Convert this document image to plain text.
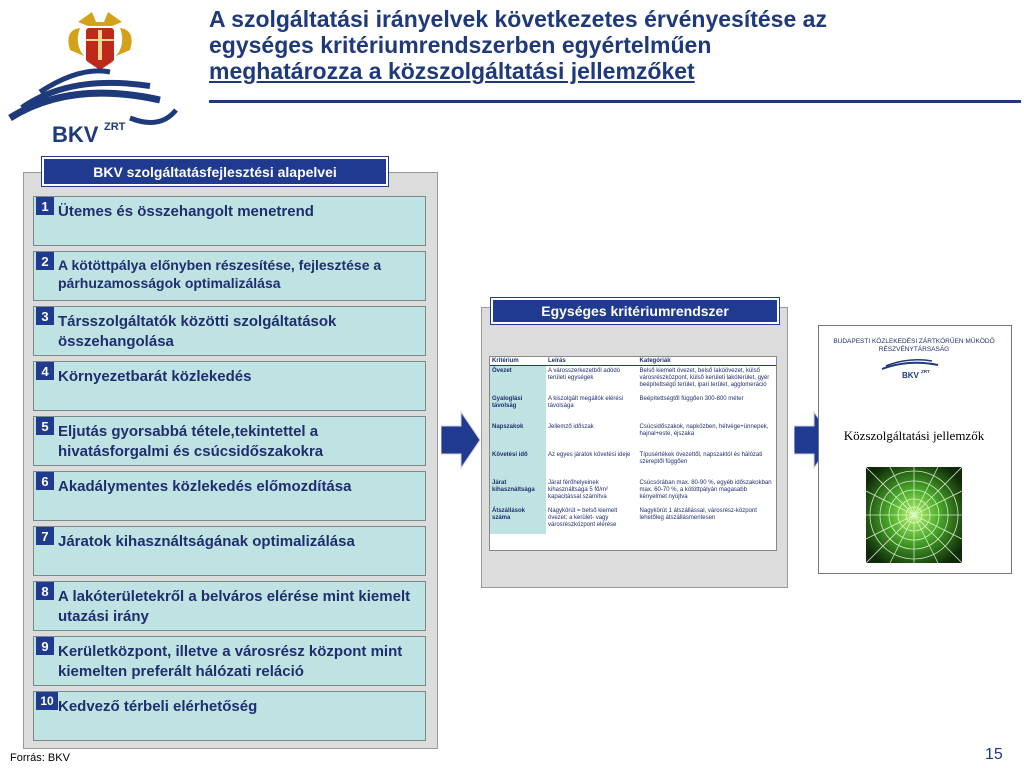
BKV ZRT
A szolgáltatási irányelvek következetes érvényesítése az
egységes kritériumrendszerben egyértelműen
meghatározza a közszolgáltatási jellemzőket
BKV szolgáltatásfejlesztési alapelvei
1 Ütemes és összehangolt menetrend
2 A kötöttpálya előnyben részesítése, fejlesztése a párhuzamosságok optimalizálása
3 Társszolgáltatók közötti szolgáltatások összehangolása
4 Környezetbarát közlekedés
5 Eljutás gyorsabbá tétele,tekintettel a hivatásforgalmi és csúcsidőszakokra
6 Akadálymentes közlekedés előmozdítása
7 Járatok kihasználtságának optimalizálása
8 A lakóterületekről a belváros elérése mint kiemelt utazási irány
9 Kerületközpont, illetve a városrész központ mint kiemelten preferált hálózati reláció
10 Kedvező térbeli elérhetőség
Egységes kritériumrendszer
Kritérium	Leírás	Kategóriák
Övezet	A városszerkezetből adódó területi egységek	Belső kiemelt övezet, belső lakóövezet, külső városrészközpont, külső kerületi lakóterület, gyér beépítettségű terület, ipari terület, agglomeráció
GyalogIási távolság	A kiszolgált megállók elérési távolsága	Beépítettségtől függően 300-800 méter
Napszakok	Jellemző időszak	Csúcsidőszakok, napközben, hétvége+ünnepek, hajnal+este, éjszaka
Követési idő	Az egyes járatok követési ideje	Típusértékek övezettől, napszaktól és hálózati szereptől függően
Járat kihasználtsága	Járat férőhelyeinek kihasználtsága 5 fő/m² kapacitással számítva	Csúcsórában max. 80-90 %, egyéb időszakokban max. 60-70 %, a kötöttpályán magasabb kényelmet nyújtva
Átszállások száma	Nagykörút = belső kiemelt övezet; a kerület- vagy városrészközpont elérése	Nagykörút 1 átszállással, városrész-központ lehetőleg átszállásmentesen
BUDAPESTI KÖZLEKEDÉSI ZÁRTKÖRŰEN MŰKÖDŐ RÉSZVÉNYTÁRSASÁG
BKV ZRT
Közszolgáltatási jellemzők
Forrás: BKV	15
